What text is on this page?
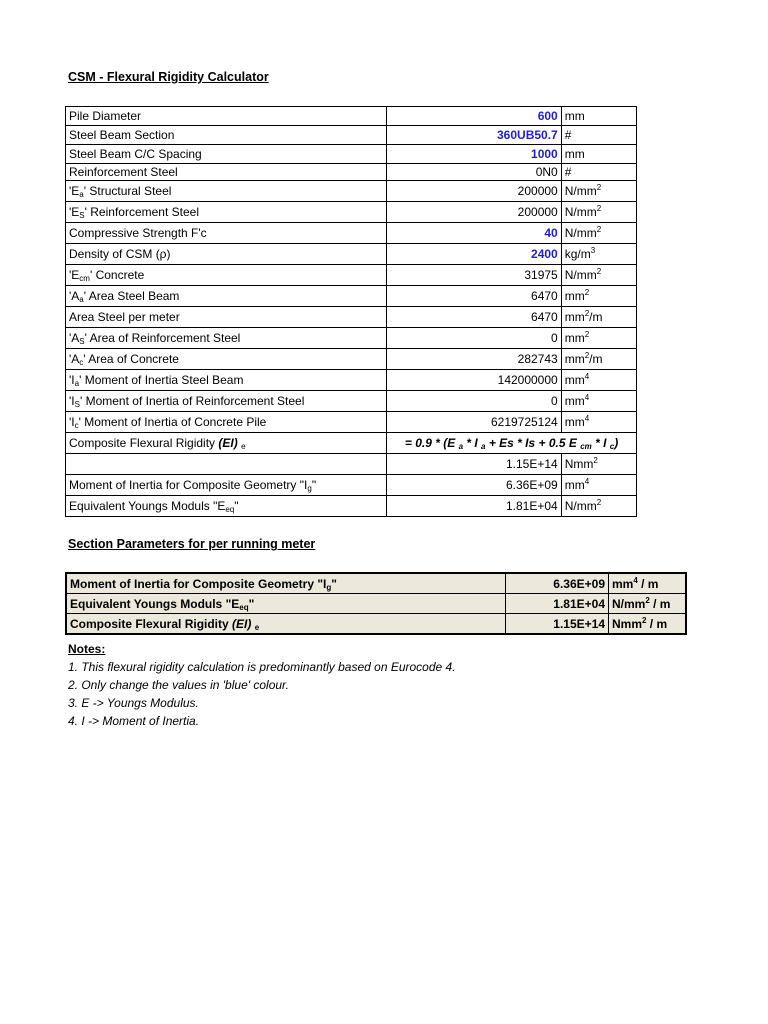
CSM - Flexural Rigidity Calculator
Pile Diameter	600	mm
Steel Beam Section	360UB50.7	#
Steel Beam C/C Spacing	1000	mm
Reinforcement Steel	0N0	#
'$E_a$' Structural Steel	200000	$N/mm^2$
'$E_S$' Reinforcement Steel	200000	$N/mm^2$
Compressive Strength F'c	40	$N/mm^2$
Density of CSM (ρ)	2400	$kg/m^3$
'$E_{cm}$' Concrete	31975	$N/mm^2$
'$A_a$' Area Steel Beam	6470	$mm^2$
Area Steel per meter	6470	$mm^2/m$
'$A_S$' Area of Reinforcement Steel	0	$mm^2$
'$A_c$' Area of Concrete	282743	$mm^2/m$
'$I_a$' Moment of Inertia Steel Beam	142000000	$mm^4$
'$I_S$' Moment of Inertia of Reinforcement Steel	0	$mm^4$
'$I_c$' Moment of Inertia of Concrete Pile	6219725124	$mm^4$
Composite Flexural Rigidity (EI) $_e$	= 0.9 * (E $_a$ * I $_a$ + Es * Is + 0.5 E $_{cm}$ * I $_c$)	
	1.15E+14	Nmm$^2$
Moment of Inertia for Composite Geometry "$I_g$"	6.36E+09	$mm^4$
Equivalent Youngs Moduls "$E_{eq}$"	1.81E+04	$N/mm^2$
Section Parameters for per running meter
Moment of Inertia for Composite Geometry "$I_g$"	6.36E+09	$mm^4$ / m
Equivalent Youngs Moduls "$E_{eq}$"	1.81E+04	$N/mm^2$ / m
Composite Flexural Rigidity (EI) $_e$	1.15E+14	Nmm$^2$ / m
Notes:
1. This flexural rigidity calculation is predominantly based on Eurocode 4.
2. Only change the values in 'blue' colour.
3. E -> Youngs Modulus.
4. I -> Moment of Inertia.
